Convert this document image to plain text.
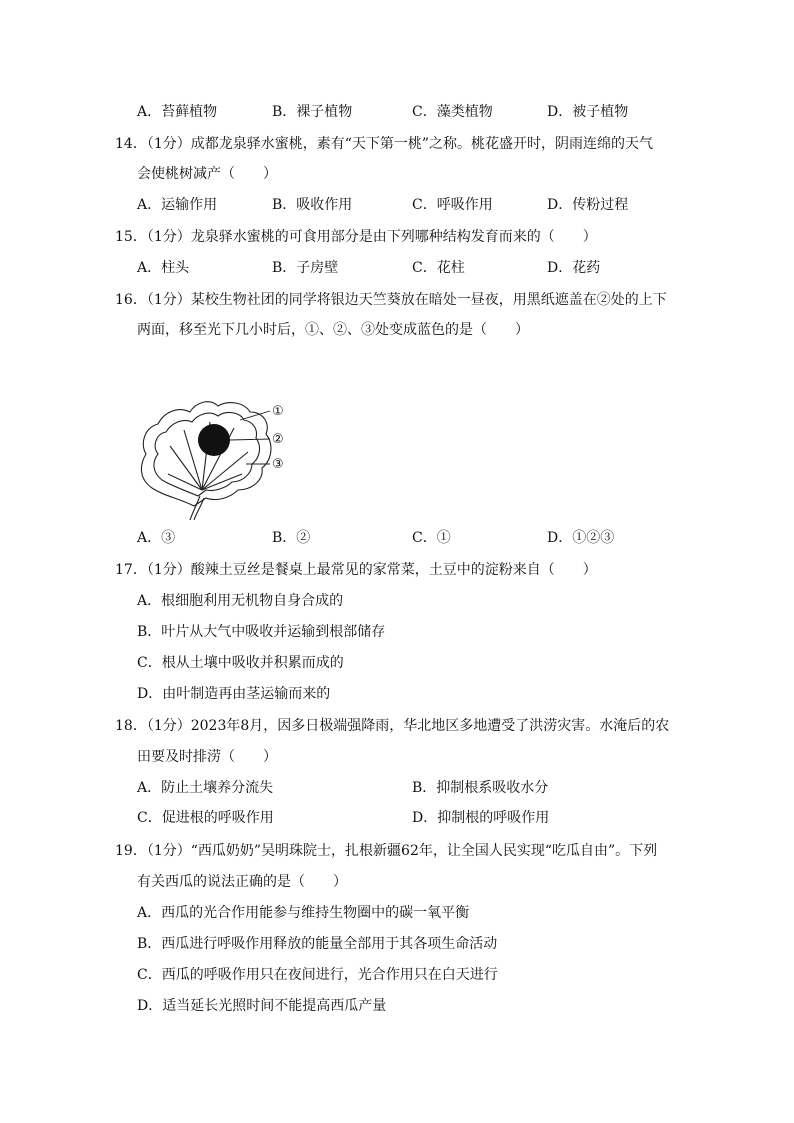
A．苔藓植物	B．裸子植物	C．藻类植物	D．被子植物
14．（1分）成都龙泉驿水蜜桃，素有“天下第一桃”之称。桃花盛开时，阴雨连绵的天气
会使桃树减产（　　）
A．运输作用	B．吸收作用	C．呼吸作用	D．传粉过程
15．（1分）龙泉驿水蜜桃的可食用部分是由下列哪种结构发育而来的（　　）
A．柱头	B．子房壁	C．花柱	D．花药
16．（1分）某校生物社团的同学将银边天竺葵放在暗处一昼夜，用黑纸遮盖在②处的上下
两面，移至光下几小时后，①、②、③处变成蓝色的是（　　）
①
②
③
A．③	B．②	C．①	D．①②③
17．（1分）酸辣土豆丝是餐桌上最常见的家常菜，土豆中的淀粉来自（　　）
A．根细胞利用无机物自身合成的
B．叶片从大气中吸收并运输到根部储存
C．根从土壤中吸收并积累而成的
D．由叶制造再由茎运输而来的
18．（1分）2023年8月，因多日极端强降雨，华北地区多地遭受了洪涝灾害。水淹后的农
田要及时排涝（　　）
A．防止土壤养分流失	B．抑制根系吸收水分
C．促进根的呼吸作用	D．抑制根的呼吸作用
19．（1分）“西瓜奶奶”吴明珠院士，扎根新疆62年，让全国人民实现“吃瓜自由”。下列
有关西瓜的说法正确的是（　　）
A．西瓜的光合作用能参与维持生物圈中的碳一氧平衡
B．西瓜进行呼吸作用释放的能量全部用于其各项生命活动
C．西瓜的呼吸作用只在夜间进行，光合作用只在白天进行
D．适当延长光照时间不能提高西瓜产量
